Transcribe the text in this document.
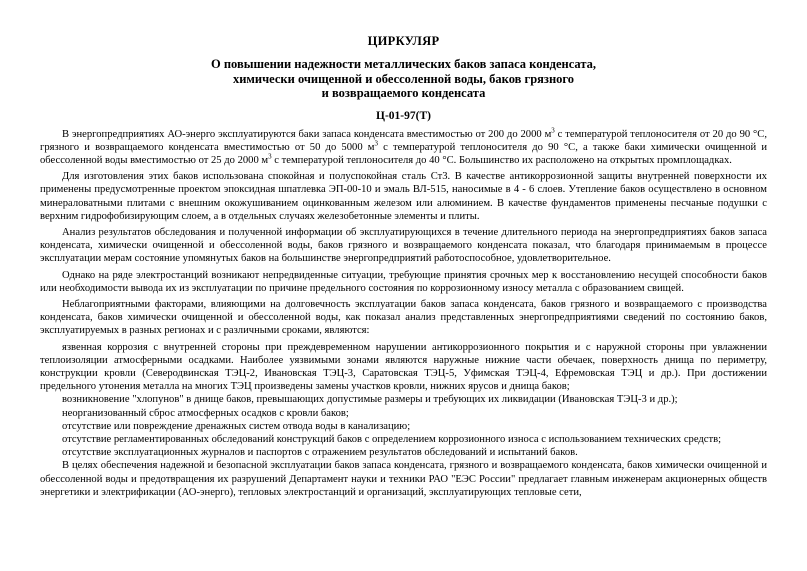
ЦИРКУЛЯР
О повышении надежности металлических баков запаса конденсата,
химически очищенной и обессоленной воды, баков грязного
и возвращаемого конденсата
Ц-01-97(Т)

В энергопредприятиях АО-энерго эксплуатируются баки запаса конденсата вместимостью от 200 до 2000 $м^3$ с температурой теплоносителя от 20 до 90 °С, грязного и возвращаемого конденсата вместимостью от 50 до 5000 $м^3$ с температурой теплоносителя до 90 °С, а также баки химически очищенной и обессоленной воды вместимостью от 25 до 2000 $м^3$ с температурой теплоносителя до 40 °С. Большинство их расположено на открытых промплощадках.

Для изготовления этих баков использована спокойная и полуспокойная сталь Ст3. В качестве антикоррозионной защиты внутренней поверхности их применены предусмотренные проектом эпоксидная шпатлевка ЭП-00-10 и эмаль ВЛ-515, наносимые в 4 - 6 слоев. Утепление баков осуществлено в основном минераловатными плитами с внешним окожушиванием оцинкованным железом или алюминием. В качестве фундаментов применены песчаные подушки с верхним гидрофобизирующим слоем, а в отдельных случаях железобетонные элементы и плиты.

Анализ результатов обследования и полученной информации об эксплуатирующихся в течение длительного периода на энергопредприятиях баков запаса конденсата, химически очищенной и обессоленной воды, баков грязного и возвращаемого конденсата показал, что благодаря принимаемым в процессе эксплуатации мерам состояние упомянутых баков на большинстве энергопредприятий работоспособное, удовлетворительное.

Однако на ряде электростанций возникают непредвиденные ситуации, требующие принятия срочных мер к восстановлению несущей способности баков или необходимости вывода их из эксплуатации по причине предельного состояния по коррозионному износу металла с образованием свищей.

Неблагоприятными факторами, влияющими на долговечность эксплуатации баков запаса конденсата, баков грязного и возвращаемого с производства конденсата, баков химически очищенной и обессоленной воды, как показал анализ представленных энергопредприятиями сведений по состоянию баков, эксплуатируемых в разных регионах и с различными сроками, являются:

язвенная коррозия с внутренней стороны при преждевременном нарушении антикоррозионного покрытия и с наружной стороны при увлажнении теплоизоляции атмосферными осадками. Наиболее уязвимыми зонами являются наружные нижние части обечаек, поверхность днища по периметру, конструкции кровли (Северодвинская ТЭЦ-2, Ивановская ТЭЦ-3, Саратовская ТЭЦ-5, Уфимская ТЭЦ-4, Ефремовская ТЭЦ и др.). При достижении предельного утонения металла на многих ТЭЦ произведены замены участков кровли, нижних ярусов и днища баков;

возникновение "хлопунов" в днище баков, превышающих допустимые размеры и требующих их ликвидации (Ивановская ТЭЦ-3 и др.);

неорганизованный сброс атмосферных осадков с кровли баков;

отсутствие или повреждение дренажных систем отвода воды в канализацию;

отсутствие регламентированных обследований конструкций баков с определением коррозионного износа с использованием технических средств;

отсутствие эксплуатационных журналов и паспортов с отражением результатов обследований и испытаний баков.

В целях обеспечения надежной и безопасной эксплуатации баков запаса конденсата, грязного и возвращаемого конденсата, баков химически очищенной и обессоленной воды и предотвращения их разрушений Департамент науки и техники РАО "ЕЭС России" предлагает главным инженерам акционерных обществ энергетики и электрификации (АО-энерго), тепловых электростанций и организаций, эксплуатирующих тепловые сети,
